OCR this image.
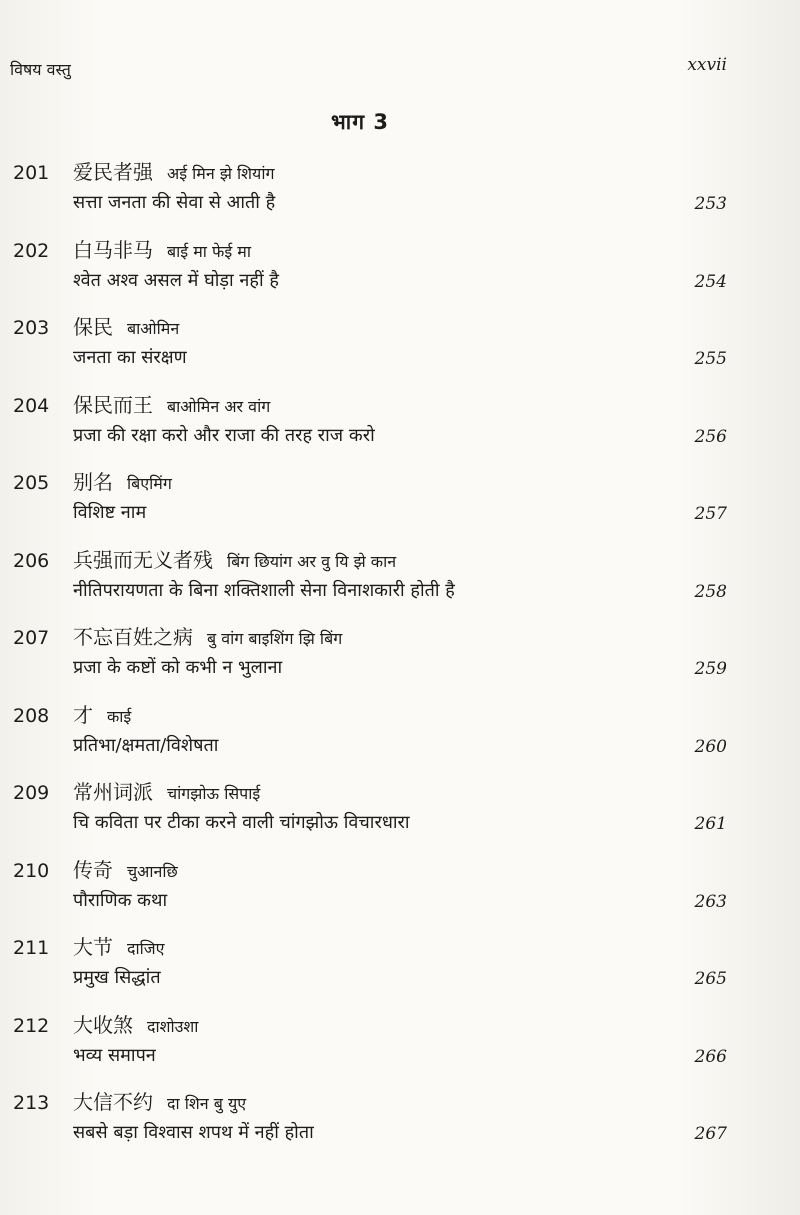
विषय वस्तु	xxvii
भाग 3
201 爱民者强 अई मिन झे शियांग
सत्ता जनता की सेवा से आती है	253
202 白马非马 बाई मा फेई मा
श्वेत अश्व असल में घोड़ा नहीं है	254
203 保民 बाओमिन
जनता का संरक्षण	255
204 保民而王 बाओमिन अर वांग
प्रजा की रक्षा करो और राजा की तरह राज करो	256
205 别名 बिएमिंग
विशिष्ट नाम	257
206 兵强而无义者残 बिंग छियांग अर वु यि झे कान
नीतिपरायणता के बिना शक्तिशाली सेना विनाशकारी होती है	258
207 不忘百姓之病 बु वांग बाइशिंग झि बिंग
प्रजा के कष्टों को कभी न भुलाना	259
208 才 काई
प्रतिभा/क्षमता/विशेषता	260
209 常州词派 चांगझोऊ सिपाई
चि कविता पर टीका करने वाली चांगझोऊ विचारधारा	261
210 传奇 चुआनछि
पौराणिक कथा	263
211 大节 दाजिए
प्रमुख सिद्धांत	265
212 大收煞 दाशोउशा
भव्य समापन	266
213 大信不约 दा शिन बु युए
सबसे बड़ा विश्वास शपथ में नहीं होता	267
